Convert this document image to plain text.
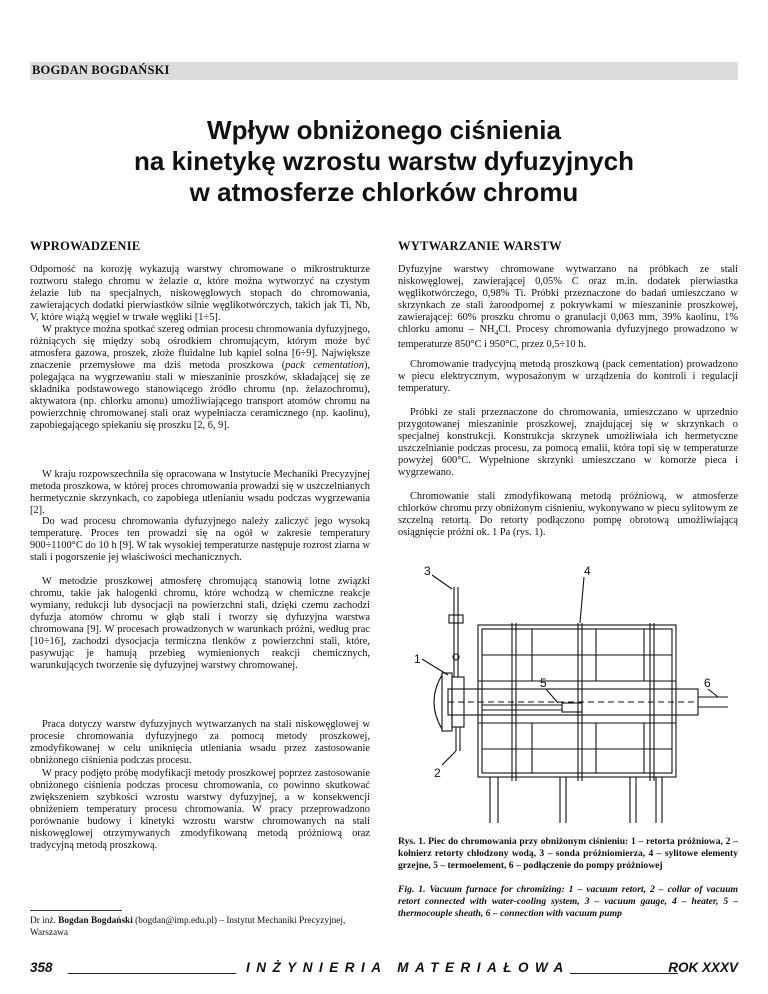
BOGDAN BOGDAŃSKI
Wpływ obniżonego ciśnienia
na kinetykę wzrostu warstw dyfuzyjnych
w atmosferze chlorków chromu
WPROWADZENIE

Odporność na korozję wykazują warstwy chromowane o mikrostrukturze roztworu stałego chromu w żelazie α, które można wytworzyć na czystym żelazie lub na specjalnych, niskowęglowych stopach do chromowania, zawierających dodatki pierwiastków silnie węglikotwórczych, takich jak Ti, Nb, V, które wiążą węgiel w trwałe węgliki [1÷5].

W praktyce można spotkać szereg odmian procesu chromowania dyfuzyjnego, różniących się między sobą ośrodkiem chromującym, którym może być atmosfera gazowa, proszek, złoże fluidalne lub kąpiel solna [6÷9]. Największe znaczenie przemysłowe ma dziś metoda proszkowa (pack cementation), polegająca na wygrzewaniu stali w mieszaninie proszków, składającej się ze składnika podstawowego stanowiącego źródło chromu (np. żelazochromu), aktywatora (np. chlorku amonu) umożliwiającego transport atomów chromu na powierzchnię chromowanej stali oraz wypełniacza ceramicznego (np. kaolinu), zapobiegającego spiekaniu się proszku [2, 6, 9].

W kraju rozpowszechniła się opracowana w Instytucie Mechaniki Precyzyjnej metoda proszkowa, w której proces chromowania prowadzi się w uszczelnianych hermetycznie skrzynkach, co zapobiega utlenianiu wsadu podczas wygrzewania [2].

Do wad procesu chromowania dyfuzyjnego należy zaliczyć jego wysoką temperaturę. Proces ten prowadzi się na ogół w zakresie temperatury 900÷1100°C do 10 h [9]. W tak wysokiej temperaturze następuje rozrost ziarna w stali i pogorszenie jej właściwości mechanicznych.

W metodzie proszkowej atmosferę chromującą stanowią lotne związki chromu, takie jak halogenki chromu, które wchodzą w chemiczne reakcje wymiany, redukcji lub dysocjacji na powierzchni stali, dzięki czemu zachodzi dyfuzja atomów chromu w głąb stali i tworzy się dyfuzyjna warstwa chromowana [9]. W procesach prowadzonych w warunkach próżni, według prac [10÷16], zachodzi dysocjacja termiczna tlenków z powierzchni stali, które, pasywując je hamują przebieg wymienionych reakcji chemicznych, warunkujących tworzenie się dyfuzyjnej warstwy chromowanej.

Praca dotyczy warstw dyfuzyjnych wytwarzanych na stali niskowęglowej w procesie chromowania dyfuzyjnego za pomocą metody proszkowej, zmodyfikowanej w celu uniknięcia utleniania wsadu przez zastosowanie obniżonego ciśnienia podczas procesu.

W pracy podjęto próbę modyfikacji metody proszkowej poprzez zastosowanie obniżonego ciśnienia podczas procesu chromowania, co powinno skutkować zwiększeniem szybkości wzrostu warstwy dyfuzyjnej, a w konsekwencji obniżeniem temperatury procesu chromowania. W pracy przeprowadzono porównanie budowy i kinetyki wzrostu warstw chromowanych na stali niskowęglowej otrzymywanych zmodyfikowaną metodą próżniową oraz tradycyjną metodą proszkową.

Dr inż. Bogdan Bogdański (bogdan@imp.edu.pl) – Instytut Mechaniki Precyzyjnej, Warszawa
WYTWARZANIE WARSTW

Dyfuzyjne warstwy chromowane wytwarzano na próbkach ze stali niskowęglowej, zawierającej 0,05% C oraz m.in. dodatek pierwiastka węglikotwórczego, 0,98% Ti. Próbki przeznaczone do badań umieszczano w skrzynkach ze stali żaroodpornej z pokrywkami w mieszaninie proszkowej, zawierającej: 60% proszku chromu o granulacji 0,063 mm, 39% kaolinu, 1% chlorku amonu – $NH_4Cl$. Procesy chromowania dyfuzyjnego prowadzono w temperaturze 850°C i 950°C, przez 0,5÷10 h.

Chromowanie tradycyjną metodą proszkową (pack cementation) prowadzono w piecu elektrycznym, wyposażonym w urządzenia do kontroli i regulacji temperatury.

Próbki ze stali przeznaczone do chromowania, umieszczano w uprzednio przygotowanej mieszaninie proszkowej, znajdującej się w skrzynkach o specjalnej konstrukcji. Konstrukcja skrzynek umożliwiała ich hermetyczne uszczelnianie podczas procesu, za pomocą emalii, która topi się w temperaturze powyżej 600°C. Wypełnione skrzynki umieszczano w komorze pieca i wygrzewano.

Chromowanie stali zmodyfikowaną metodą próżniową, w atmosferze chlorków chromu przy obniżonym ciśnieniu, wykonywano w piecu sylitowym ze szczelną retortą. Do retorty podłączono pompę obrotową umożliwiającą osiągnięcie próżni ok. 1 Pa (rys. 1).

3	4
1
5	6
2

Rys. 1. Piec do chromowania przy obniżonym ciśnieniu: 1 – retorta próżniowa, 2 – kołnierz retorty chłodzony wodą, 3 – sonda próżniomierza, 4 – sylitowe elementy grzejne, 5 – termoelement, 6 – podłączenie do pompy próżniowej

Fig. 1. Vacuum furnace for chromizing: 1 – vacuum retort, 2 – collar of vacuum retort connected with water-cooling system, 3 – vacuum gauge, 4 – heater, 5 – thermocouple sheath, 6 – connection with vacuum pump

358	INŻYNIERIA MATERIAŁOWA	ROK XXXV
